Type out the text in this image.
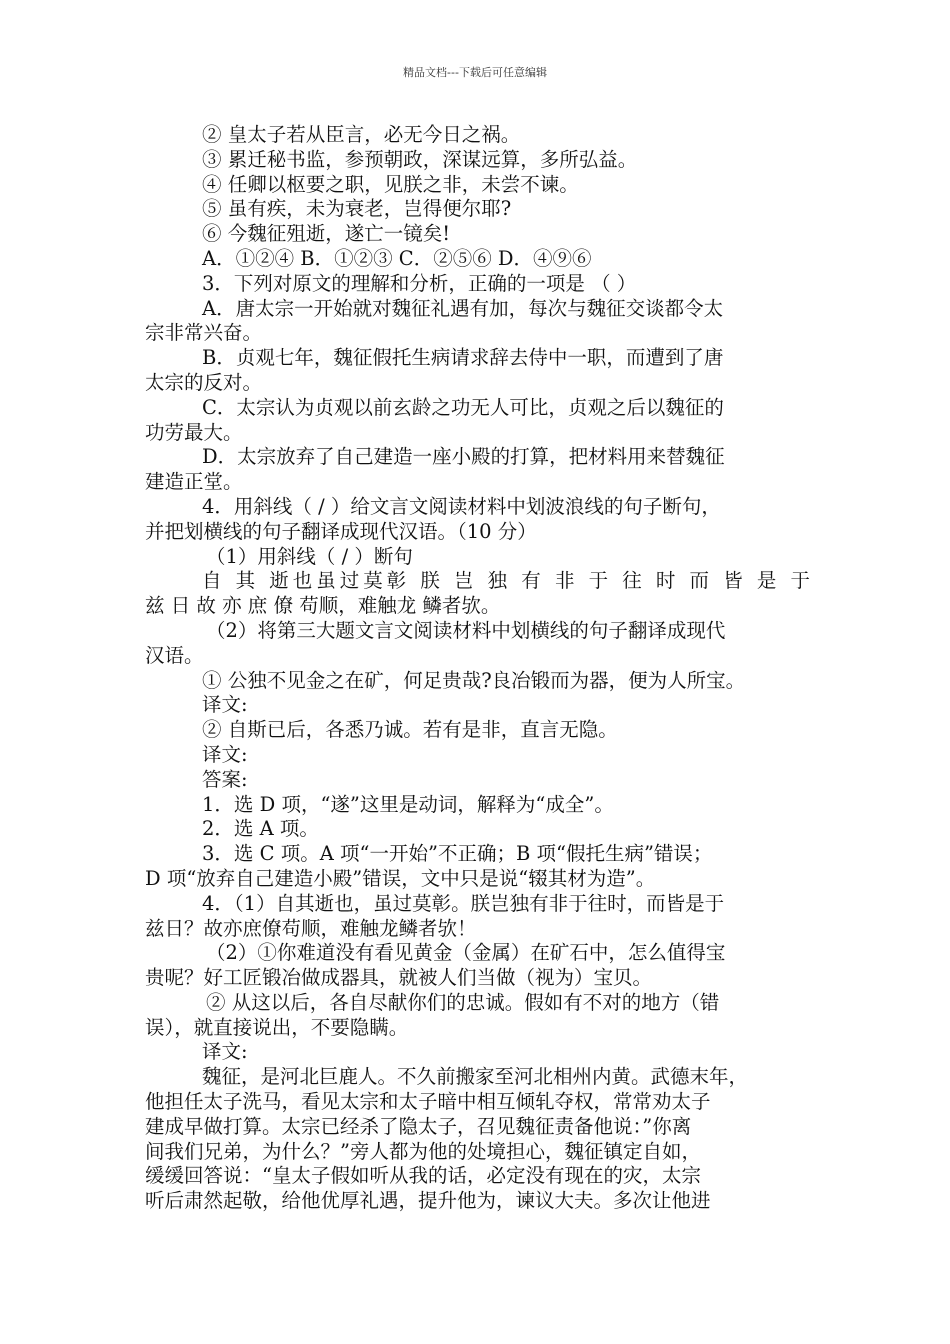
精品文档---下载后可任意编辑
② 皇太子若从臣言，必无今日之祸。
③ 累迁秘书监，参预朝政，深谋远算，多所弘益。
④ 任卿以枢要之职，见朕之非，未尝不谏。
⑤ 虽有疾，未为衰老，岂得便尔耶?
⑥ 今魏征殂逝，遂亡一镜矣!
A．①②④ B．①②③ C．②⑤⑥ D．④⑨⑥
3．下列对原文的理解和分析，正确的一项是 （ ）
A．唐太宗一开始就对魏征礼遇有加，每次与魏征交谈都令太
宗非常兴奋。
B．贞观七年，魏征假托生病请求辞去侍中一职，而遭到了唐
太宗的反对。
C．太宗认为贞观以前玄龄之功无人可比，贞观之后以魏征的
功劳最大。
D．太宗放弃了自己建造一座小殿的打算，把材料用来替魏征
建造正堂。
4．用斜线（ / ）给文言文阅读材料中划波浪线的句子断句，
并把划横线的句子翻译成现代汉语。（10 分）
（1）用斜线（ / ）断句
自 其 逝也虽过莫彰 朕 岂 独 有 非 于 往 时 而 皆 是 于
兹 日 故 亦 庶 僚 苟顺，难触龙 鳞者欤。
（2）将第三大题文言文阅读材料中划横线的句子翻译成现代
汉语。
① 公独不见金之在矿，何足贵哉?良冶锻而为器，便为人所宝。
译文:
② 自斯已后，各悉乃诚。若有是非，直言无隐。
译文:
答案:
1．选 D 项，“遂”这里是动词，解释为“成全”。
2．选 A 项。
3．选 C 项。A 项“一开始”不正确；B 项“假托生病”错误；
D 项“放弃自己建造小殿”错误，文中只是说“辍其材为造”。
4．（1）自其逝也，虽过莫彰。朕岂独有非于往时，而皆是于
兹日？故亦庶僚苟顺，难触龙鳞者欤！
（2）①你难道没有看见黄金（金属）在矿石中，怎么值得宝
贵呢？好工匠锻冶做成器具，就被人们当做（视为）宝贝。
② 从这以后，各自尽献你们的忠诚。假如有不对的地方（错
误），就直接说出，不要隐瞒。
译文:
魏征，是河北巨鹿人。不久前搬家至河北相州内黄。武德末年，
他担任太子洗马，看见太宗和太子暗中相互倾轧夺权，常常劝太子
建成早做打算。太宗已经杀了隐太子，召见魏征责备他说：”你离
间我们兄弟，为什么？”旁人都为他的处境担心，魏征镇定自如，
缓缓回答说：“皇太子假如听从我的话，必定没有现在的灾，太宗
听后肃然起敬，给他优厚礼遇，提升他为，谏议大夫。多次让他进
